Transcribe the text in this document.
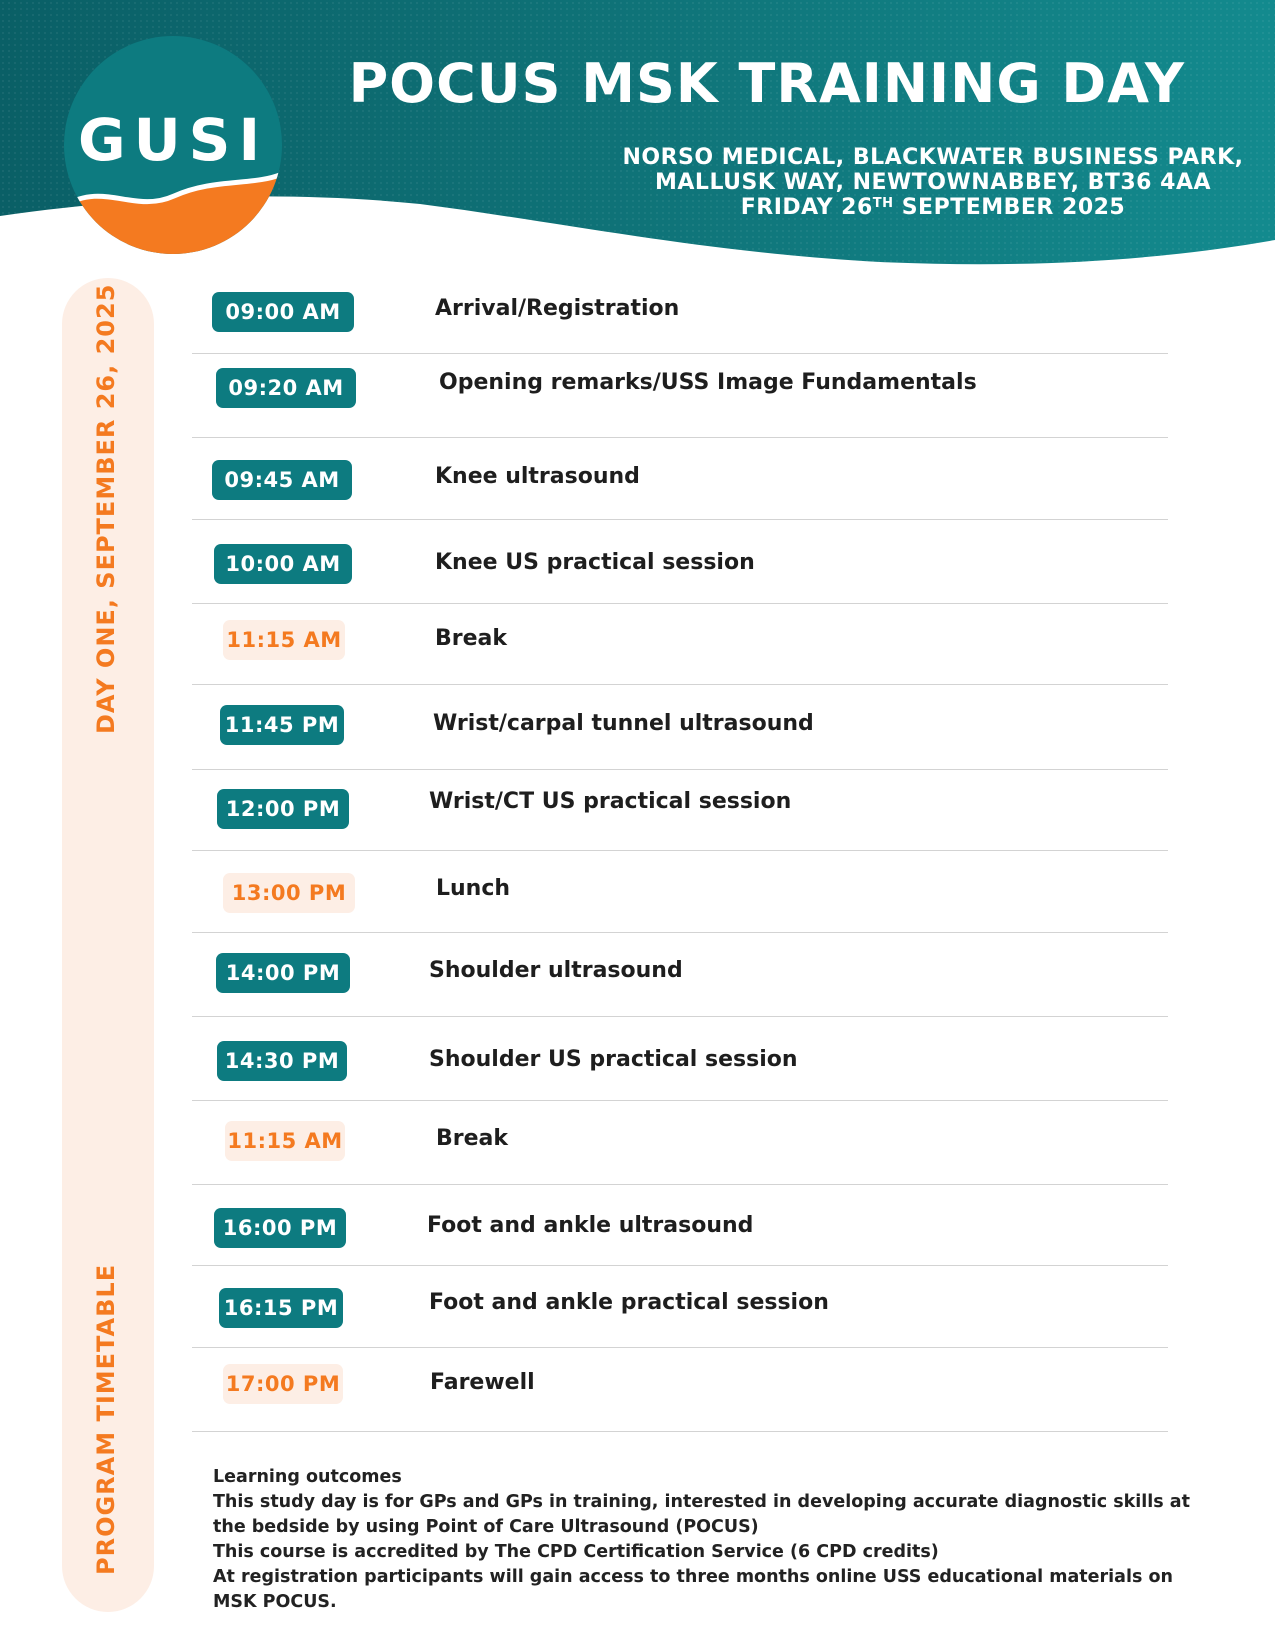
POCUS MSK TRAINING DAY
NORSO MEDICAL, BLACKWATER BUSINESS PARK,
MALLUSK WAY, NEWTOWNABBEY, BT36 4AA
FRIDAY 26TH SEPTEMBER 2025
GUSI
DAY ONE, SEPTEMBER 26, 2025
PROGRAM TIMETABLE
09:00 AM	Arrival/Registration
09:20 AM	Opening remarks/USS Image Fundamentals
09:45 AM	Knee ultrasound
10:00 AM	Knee US practical session
11:15 AM	Break
11:45 PM	Wrist/carpal tunnel ultrasound
12:00 PM	Wrist/CT US practical session
13:00 PM	Lunch
14:00 PM	Shoulder ultrasound
14:30 PM	Shoulder US practical session
11:15 AM	Break
16:00 PM	Foot and ankle ultrasound
16:15 PM	Foot and ankle practical session
17:00 PM	Farewell
Learning outcomes
This study day is for GPs and GPs in training, interested in developing accurate diagnostic skills at the bedside by using Point of Care Ultrasound (POCUS)
This course is accredited by The CPD Certification Service (6 CPD credits)
At registration participants will gain access to three months online USS educational materials on MSK POCUS.
